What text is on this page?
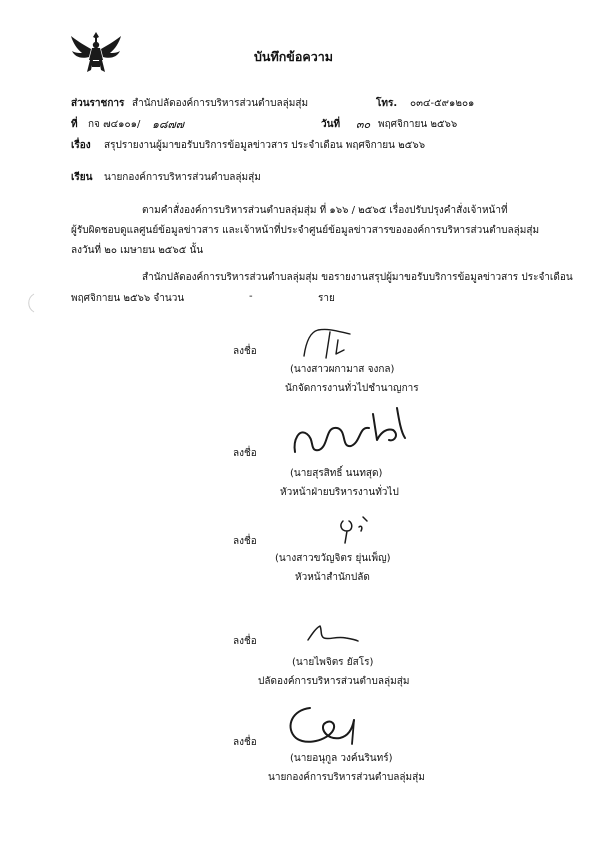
บันทึกข้อความ
ส่วนราชการ สำนักปลัดองค์การบริหารส่วนตำบลลุ่มสุ่ม	โทร. ๐๓๔-๕๙๑๒๐๑
ที่ กจ ๗๔๑๐๑/ ๑๘๗๗	วันที่ ๓๐ พฤศจิกายน ๒๕๖๖
เรื่อง สรุปรายงานผู้มาขอรับบริการข้อมูลข่าวสาร ประจำเดือน พฤศจิกายน ๒๕๖๖
เรียน นายกองค์การบริหารส่วนตำบลลุ่มสุ่ม
ตามคำสั่งองค์การบริหารส่วนตำบลลุ่มสุ่ม ที่ ๑๖๖ / ๒๕๖๕ เรื่องปรับปรุงคำสั่งเจ้าหน้าที่
ผู้รับผิดชอบดูแลศูนย์ข้อมูลข่าวสาร และเจ้าหน้าที่ประจำศูนย์ข้อมูลข่าวสารขององค์การบริหารส่วนตำบลลุ่มสุ่ม
ลงวันที่ ๒๐ เมษายน ๒๕๖๕ นั้น
สำนักปลัดองค์การบริหารส่วนตำบลลุ่มสุ่ม ขอรายงานสรุปผู้มาขอรับบริการข้อมูลข่าวสาร ประจำเดือน
พฤศจิกายน ๒๕๖๖ จำนวน	-	ราย
ลงชื่อ
(นางสาวผกามาส จงกล)
นักจัดการงานทั่วไปชำนาญการ
ลงชื่อ
(นายสุรสิทธิ์ นนทสุด)
หัวหน้าฝ่ายบริหารงานทั่วไป
ลงชื่อ
(นางสาวขวัญจิตร ยุ่นเพ็ญ)
หัวหน้าสำนักปลัด
ลงชื่อ
(นายไพจิตร ยัสโร)
ปลัดองค์การบริหารส่วนตำบลลุ่มสุ่ม
ลงชื่อ
(นายอนุกูล วงค์นรินทร์)
นายกองค์การบริหารส่วนตำบลลุ่มสุ่ม
